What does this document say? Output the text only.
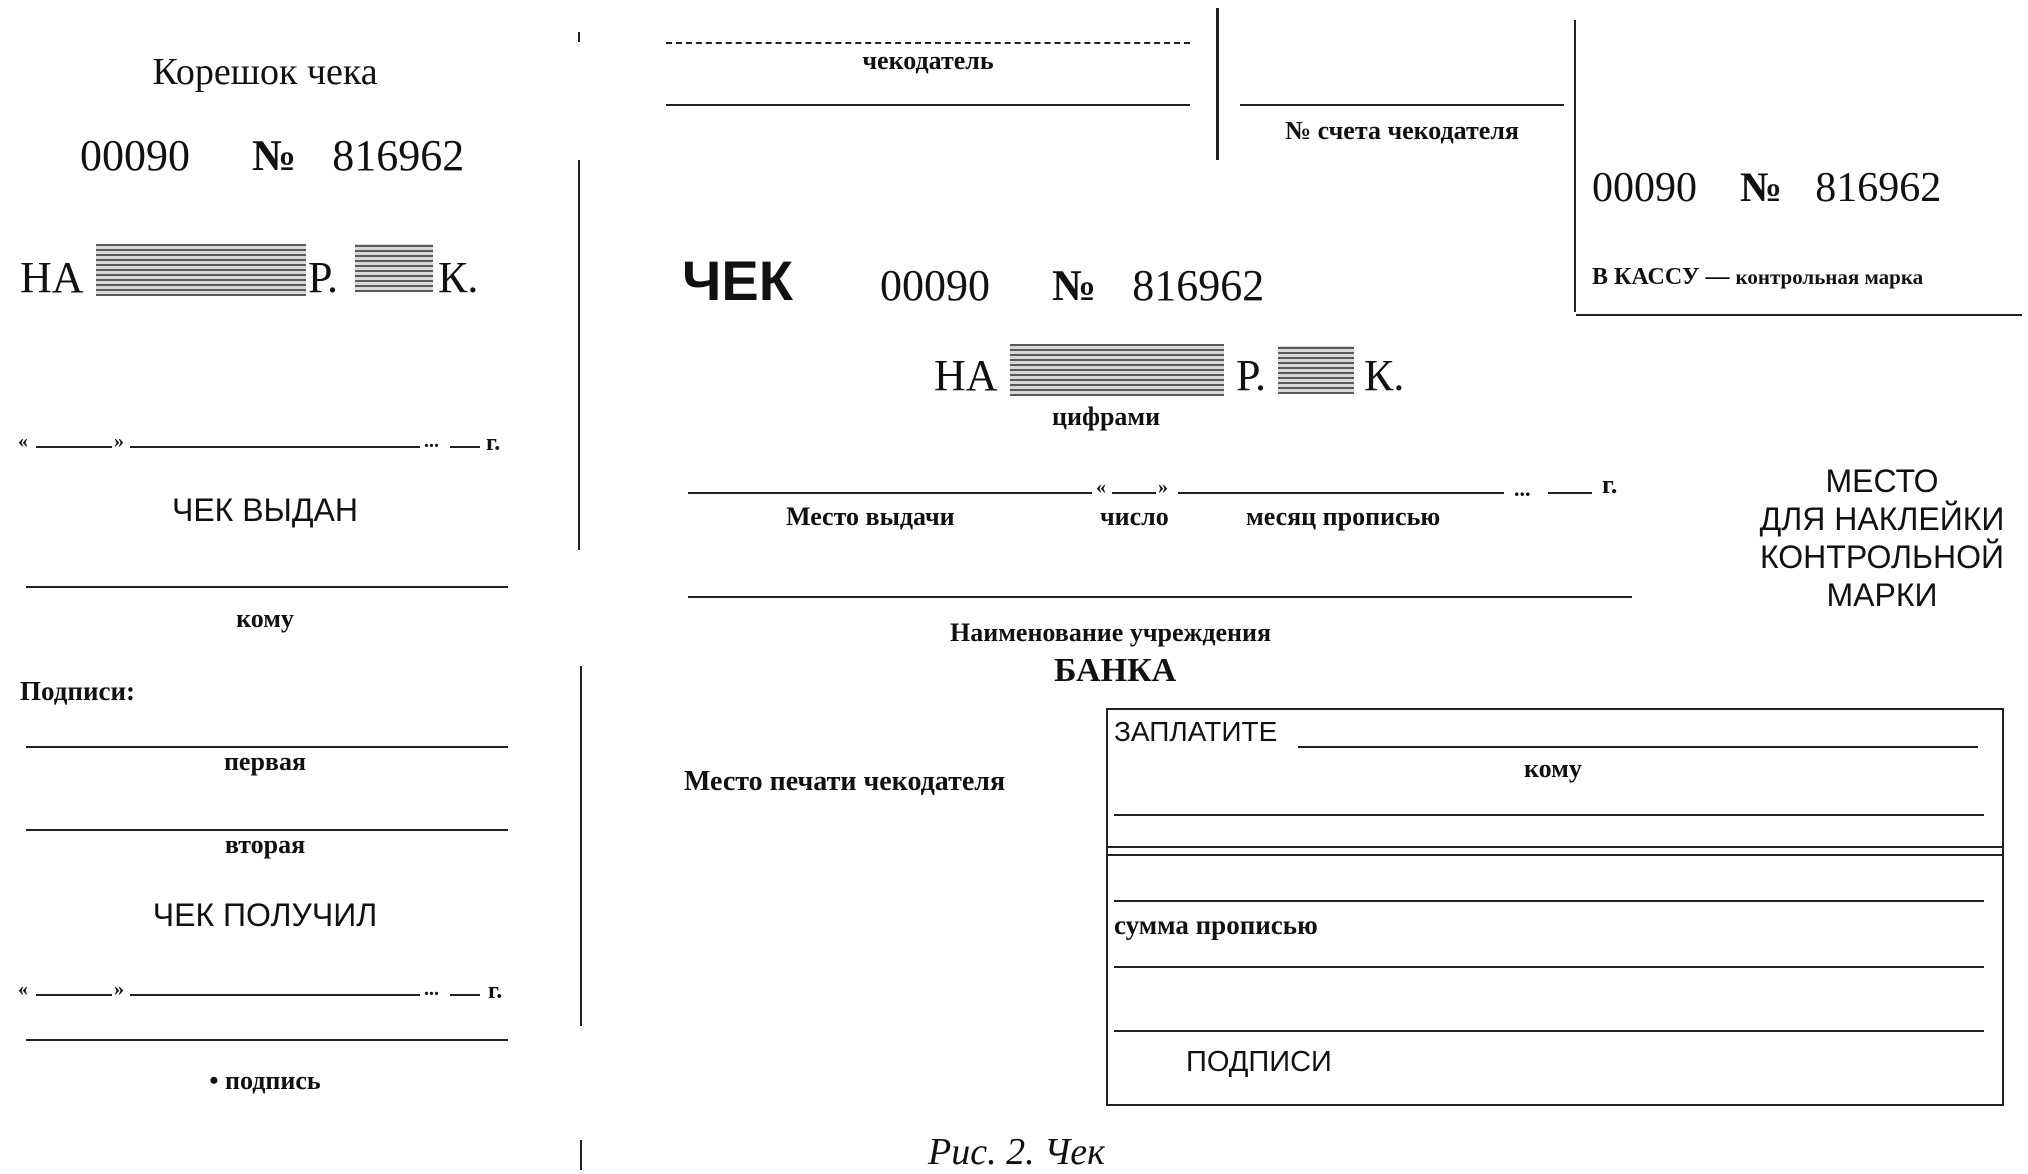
Корешок чека
00090 № 816962
НА	Р. К.
«	»	... г.
ЧЕК ВЫДАН
кому
Подписи:
первая
вторая
ЧЕК ПОЛУЧИЛ
«	»	... г.
• подпись
чекодатель
№ счета чекодателя
ЧЕК 00090 № 816962
НА	Р. К.
цифрами
«	»	...	г.
Место выдачи	число	месяц прописью
Наименование учреждения
БАНКА
Место печати чекодателя
ЗАПЛАТИТЕ
кому
сумма прописью
ПОДПИСИ
00090 № 816962
В КАССУ — контрольная марка
МЕСТО
ДЛЯ НАКЛЕЙКИ
КОНТРОЛЬНОЙ
МАРКИ
Рис. 2. Чек
